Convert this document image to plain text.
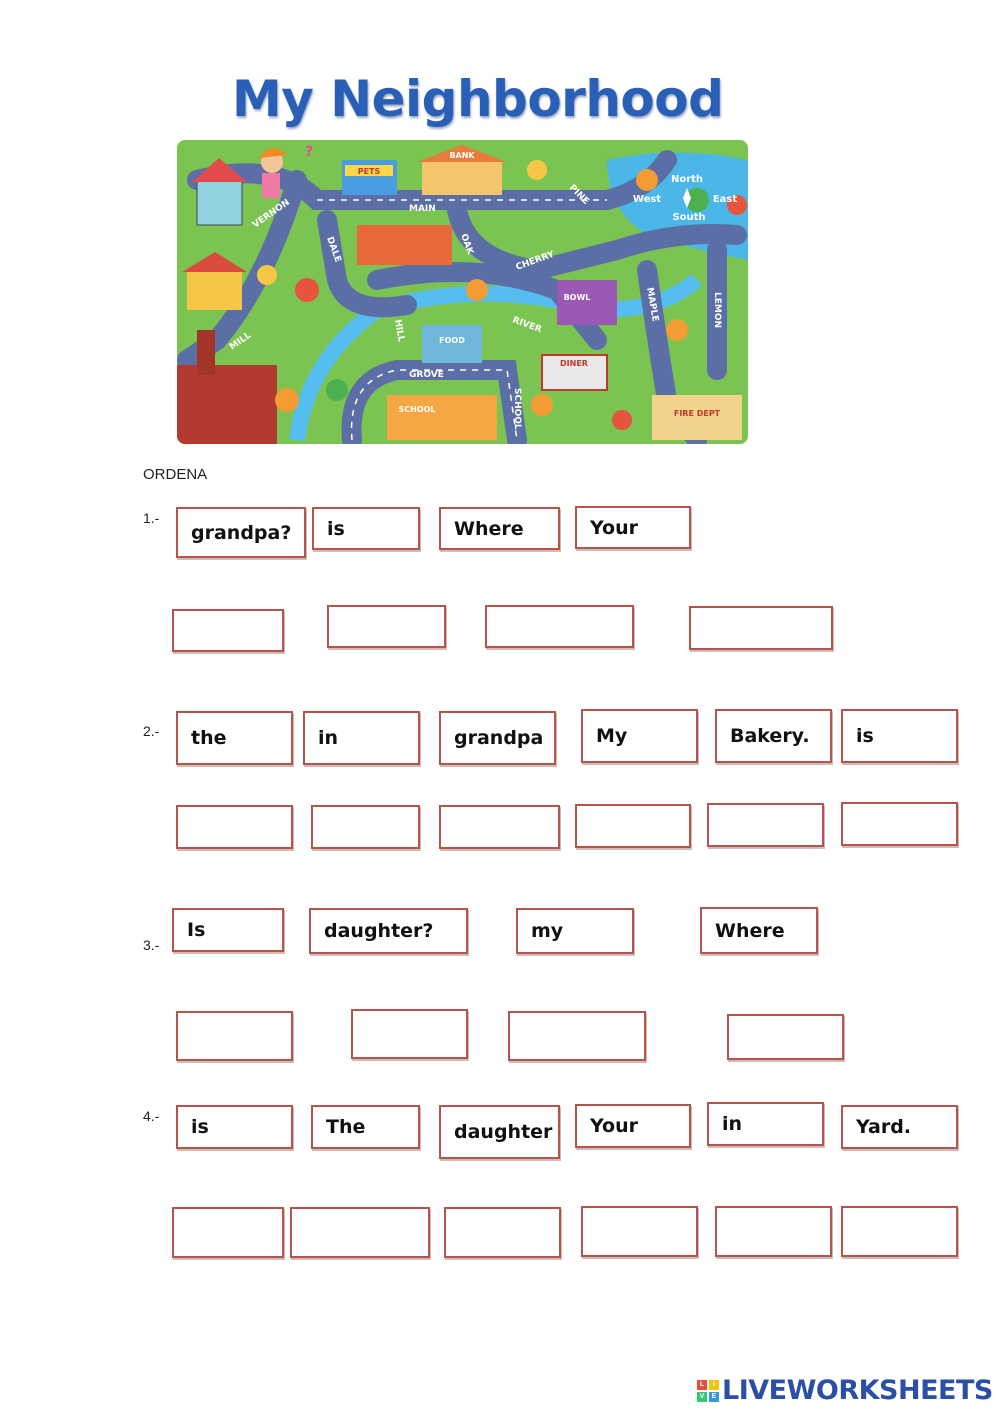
My Neighborhood
VERNON
DALE
MAIN
OAK
PINE
CHERRY
MILL	HILL	RIVER
GROVE
SCHOOL
MAPLE	LEMON
PETS
BANK
BOWL
FOOD
DINER
SCHOOL	FIRE DEPT
North
West	East
South
?
ORDENA
1.-
grandpa?	is	Where	Your
2.-	the	in	grandpa	My	Bakery.	is
3.-
Is	daughter?	my	Where
4.-	is	The	daughter	Your	in	Yard.
L	I
V	E LIVEWORKSHEETS
